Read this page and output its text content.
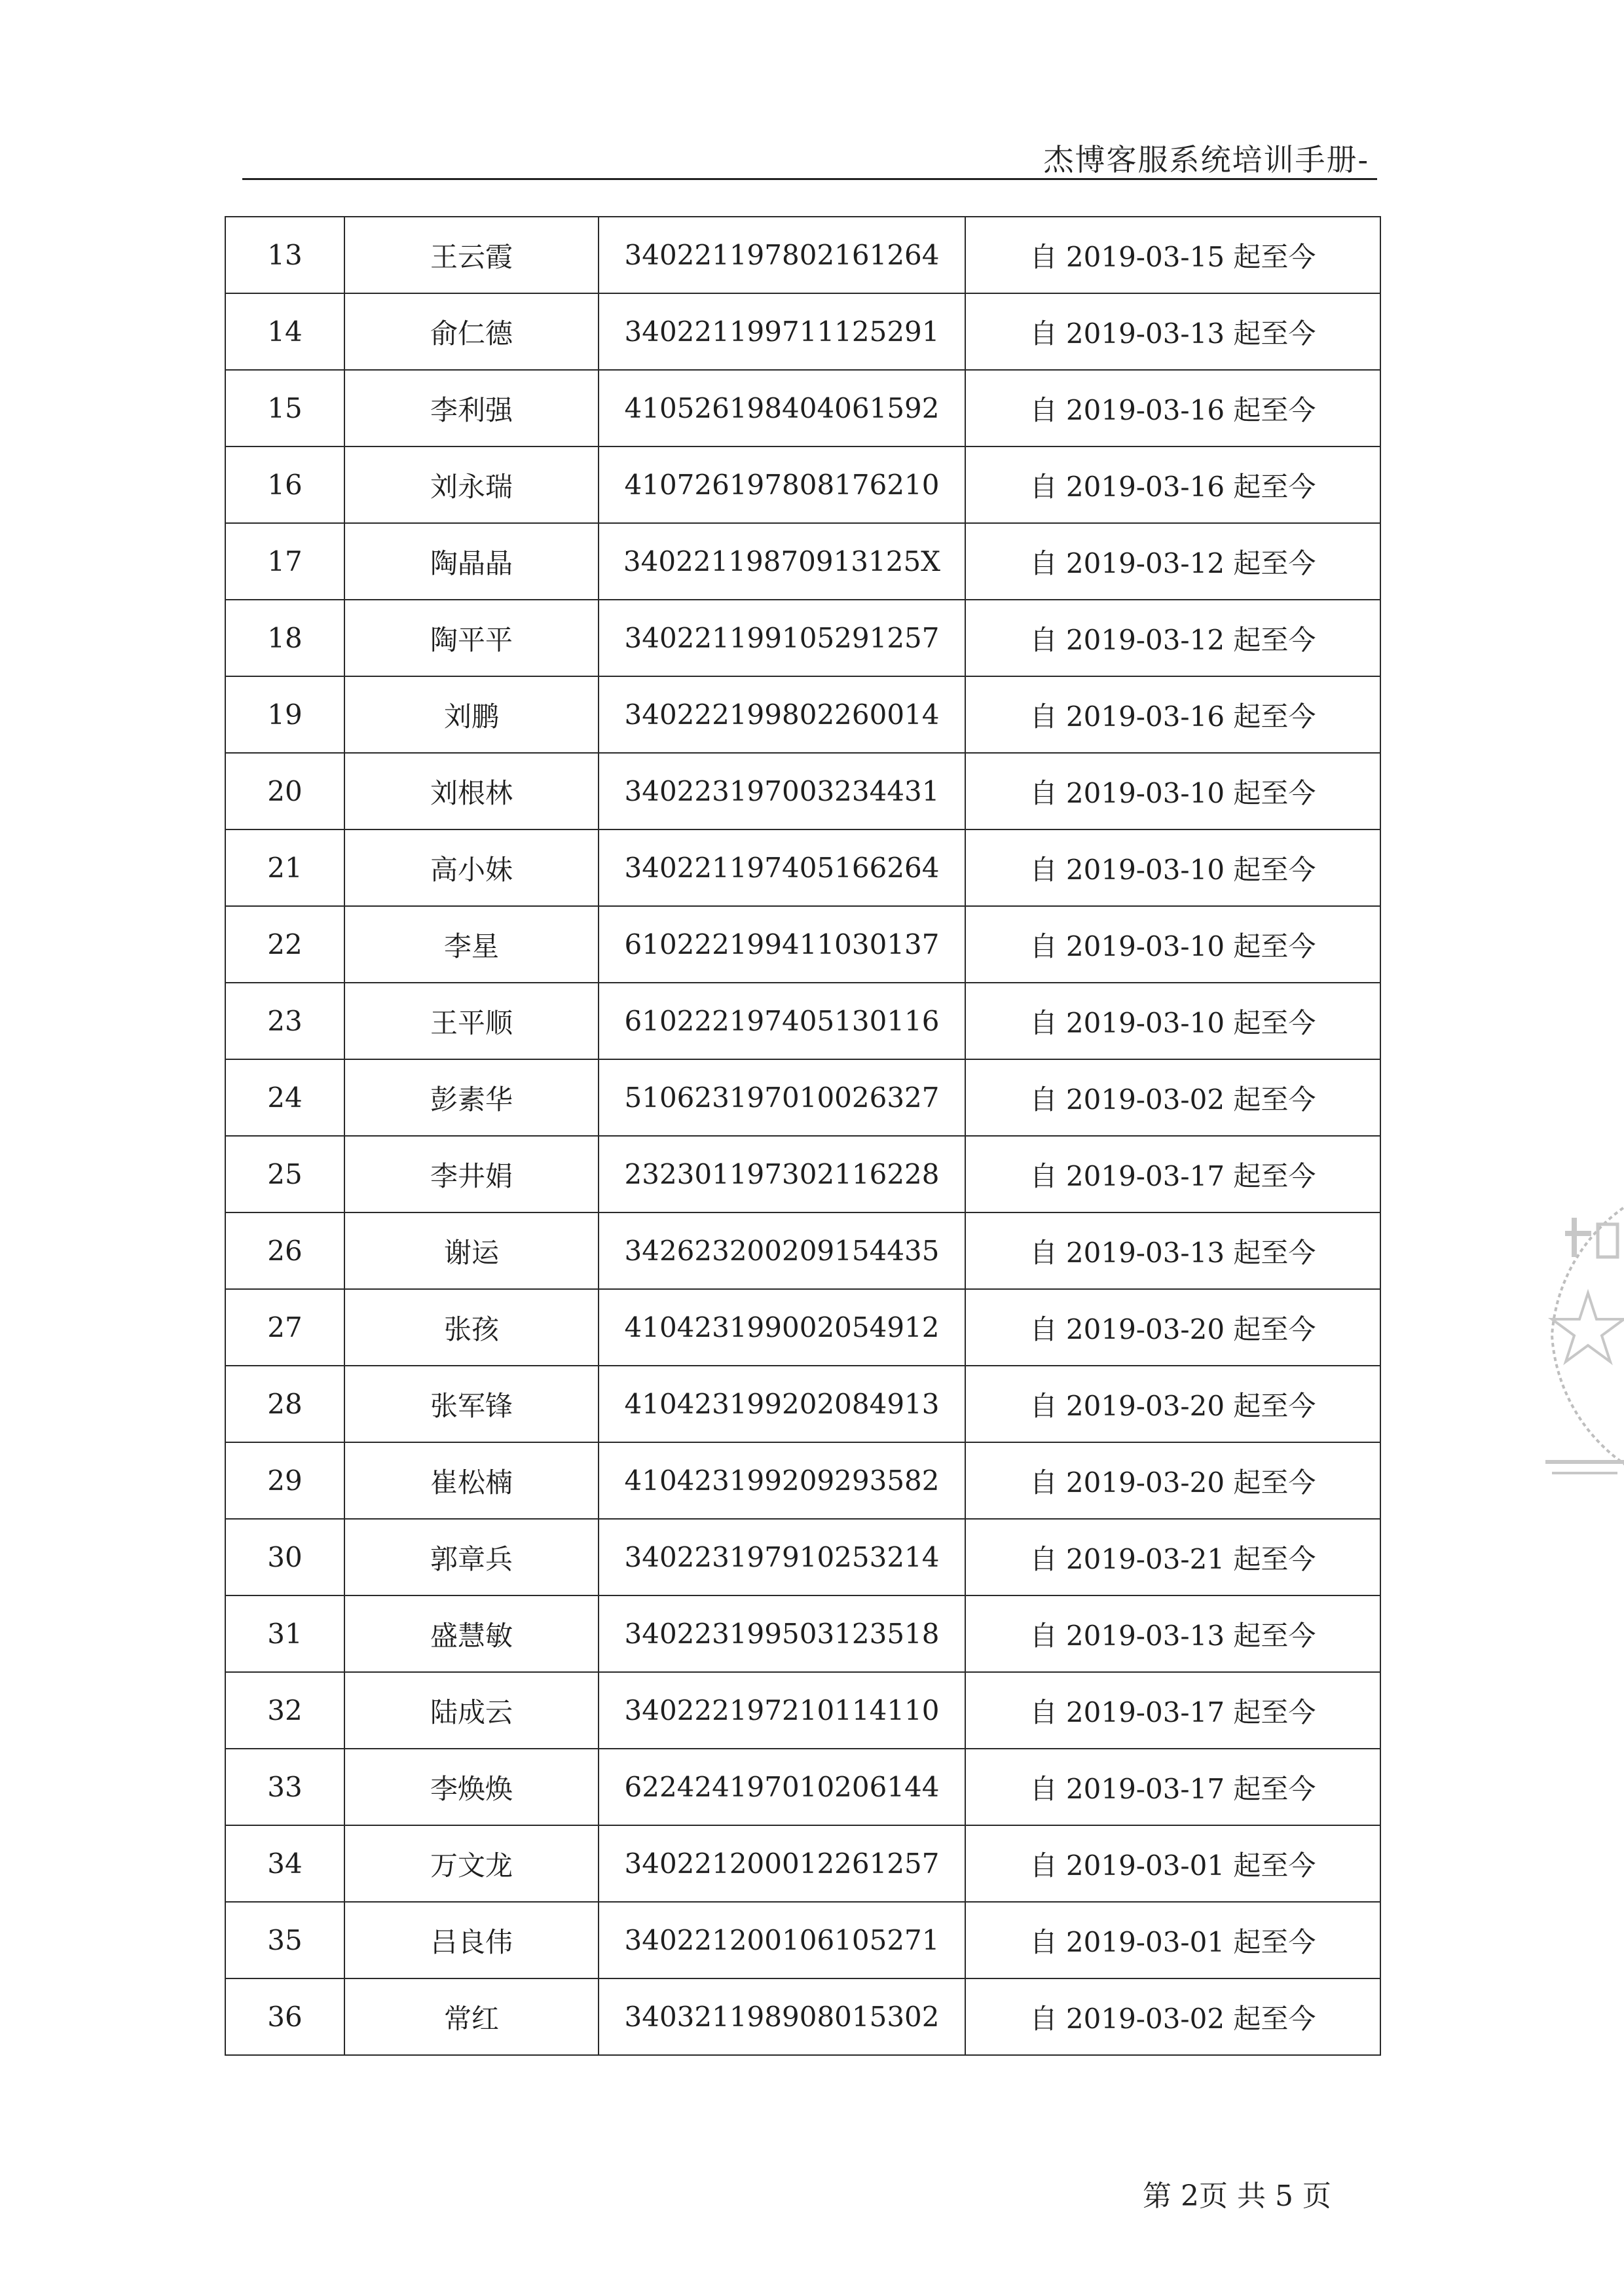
杰博客服系统培训手册-
13	王云霞	340221197802161264	自 2019-03-15 起至今
14	俞仁德	340221199711125291	自 2019-03-13 起至今
15	李利强	410526198404061592	自 2019-03-16 起至今
16	刘永瑞	410726197808176210	自 2019-03-16 起至今
17	陶晶晶	34022119870913125X	自 2019-03-12 起至今
18	陶平平	340221199105291257	自 2019-03-12 起至今
19	刘鹏	340222199802260014	自 2019-03-16 起至今
20	刘根林	340223197003234431	自 2019-03-10 起至今
21	高小妹	340221197405166264	自 2019-03-10 起至今
22	李星	610222199411030137	自 2019-03-10 起至今
23	王平顺	610222197405130116	自 2019-03-10 起至今
24	彭素华	510623197010026327	自 2019-03-02 起至今
25	李井娟	232301197302116228	自 2019-03-17 起至今
26	谢运	342623200209154435	自 2019-03-13 起至今
27	张孩	410423199002054912	自 2019-03-20 起至今
28	张军锋	410423199202084913	自 2019-03-20 起至今
29	崔松楠	410423199209293582	自 2019-03-20 起至今
30	郭章兵	340223197910253214	自 2019-03-21 起至今
31	盛慧敏	340223199503123518	自 2019-03-13 起至今
32	陆成云	340222197210114110	自 2019-03-17 起至今
33	李焕焕	622424197010206144	自 2019-03-17 起至今
34	万文龙	340221200012261257	自 2019-03-01 起至今
35	吕良伟	340221200106105271	自 2019-03-01 起至今
36	常红	340321198908015302	自 2019-03-02 起至今
第 2页 共 5 页
